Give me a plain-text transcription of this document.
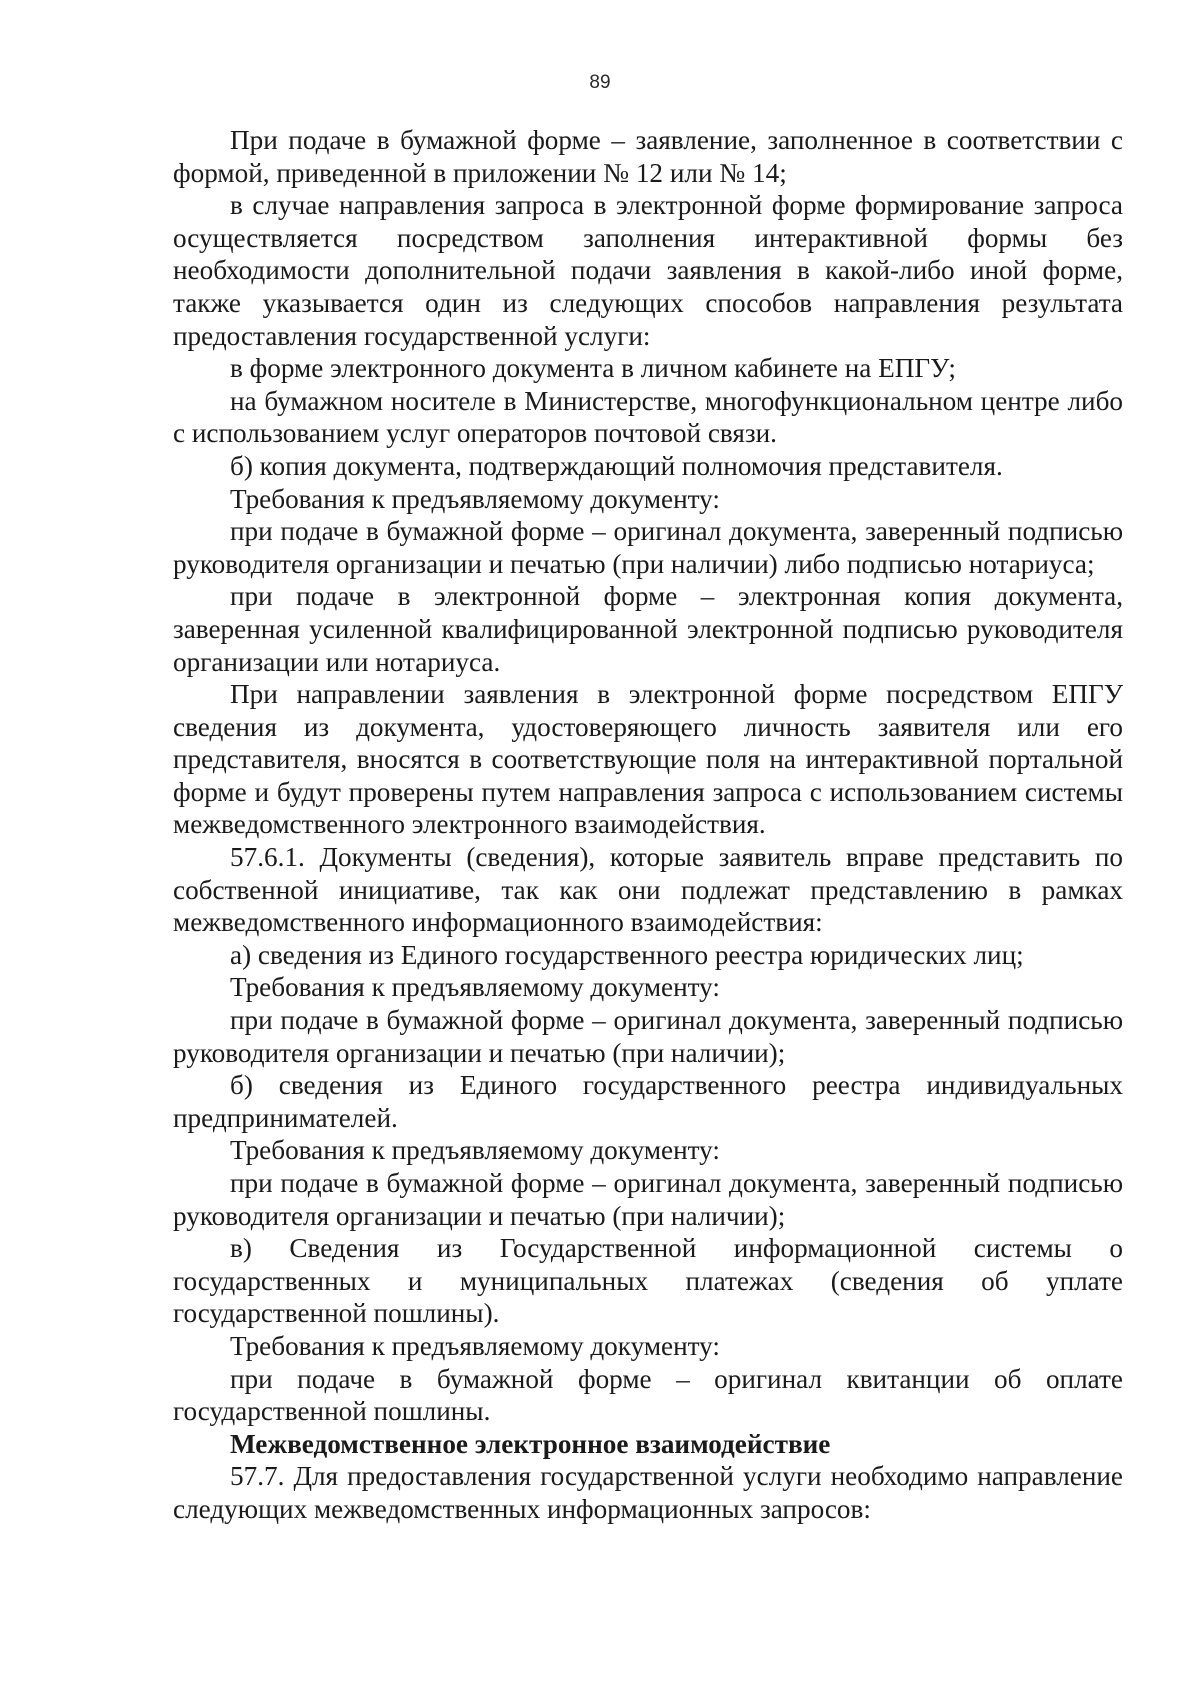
89

При подаче в бумажной форме – заявление, заполненное в соответствии с формой, приведенной в приложении № 12 или № 14;

в случае направления запроса в электронной форме формирование запроса осуществляется посредством заполнения интерактивной формы без необходимости дополнительной подачи заявления в какой-либо иной форме, также указывается один из следующих способов направления результата предоставления государственной услуги:

в форме электронного документа в личном кабинете на ЕПГУ;

на бумажном носителе в Министерстве, многофункциональном центре либо с использованием услуг операторов почтовой связи.

б) копия документа, подтверждающий полномочия представителя.

Требования к предъявляемому документу:

при подаче в бумажной форме – оригинал документа, заверенный подписью руководителя организации и печатью (при наличии) либо подписью нотариуса;

при подаче в электронной форме – электронная копия документа, заверенная усиленной квалифицированной электронной подписью руководителя организации или нотариуса.

При направлении заявления в электронной форме посредством ЕПГУ сведения из документа, удостоверяющего личность заявителя или его представителя, вносятся в соответствующие поля на интерактивной портальной форме и будут проверены путем направления запроса с использованием системы межведомственного электронного взаимодействия.

57.6.1. Документы (сведения), которые заявитель вправе представить по собственной инициативе, так как они подлежат представлению в рамках межведомственного информационного взаимодействия:

а) сведения из Единого государственного реестра юридических лиц;

Требования к предъявляемому документу:

при подаче в бумажной форме – оригинал документа, заверенный подписью руководителя организации и печатью (при наличии);

б) сведения из Единого государственного реестра индивидуальных предпринимателей.

Требования к предъявляемому документу:

при подаче в бумажной форме – оригинал документа, заверенный подписью руководителя организации и печатью (при наличии);

в) Сведения из Государственной информационной системы о государственных и муниципальных платежах (сведения об уплате государственной пошлины).

Требования к предъявляемому документу:

при подаче в бумажной форме – оригинал квитанции об оплате государственной пошлины.

Межведомственное электронное взаимодействие

57.7. Для предоставления государственной услуги необходимо направление следующих межведомственных информационных запросов:
